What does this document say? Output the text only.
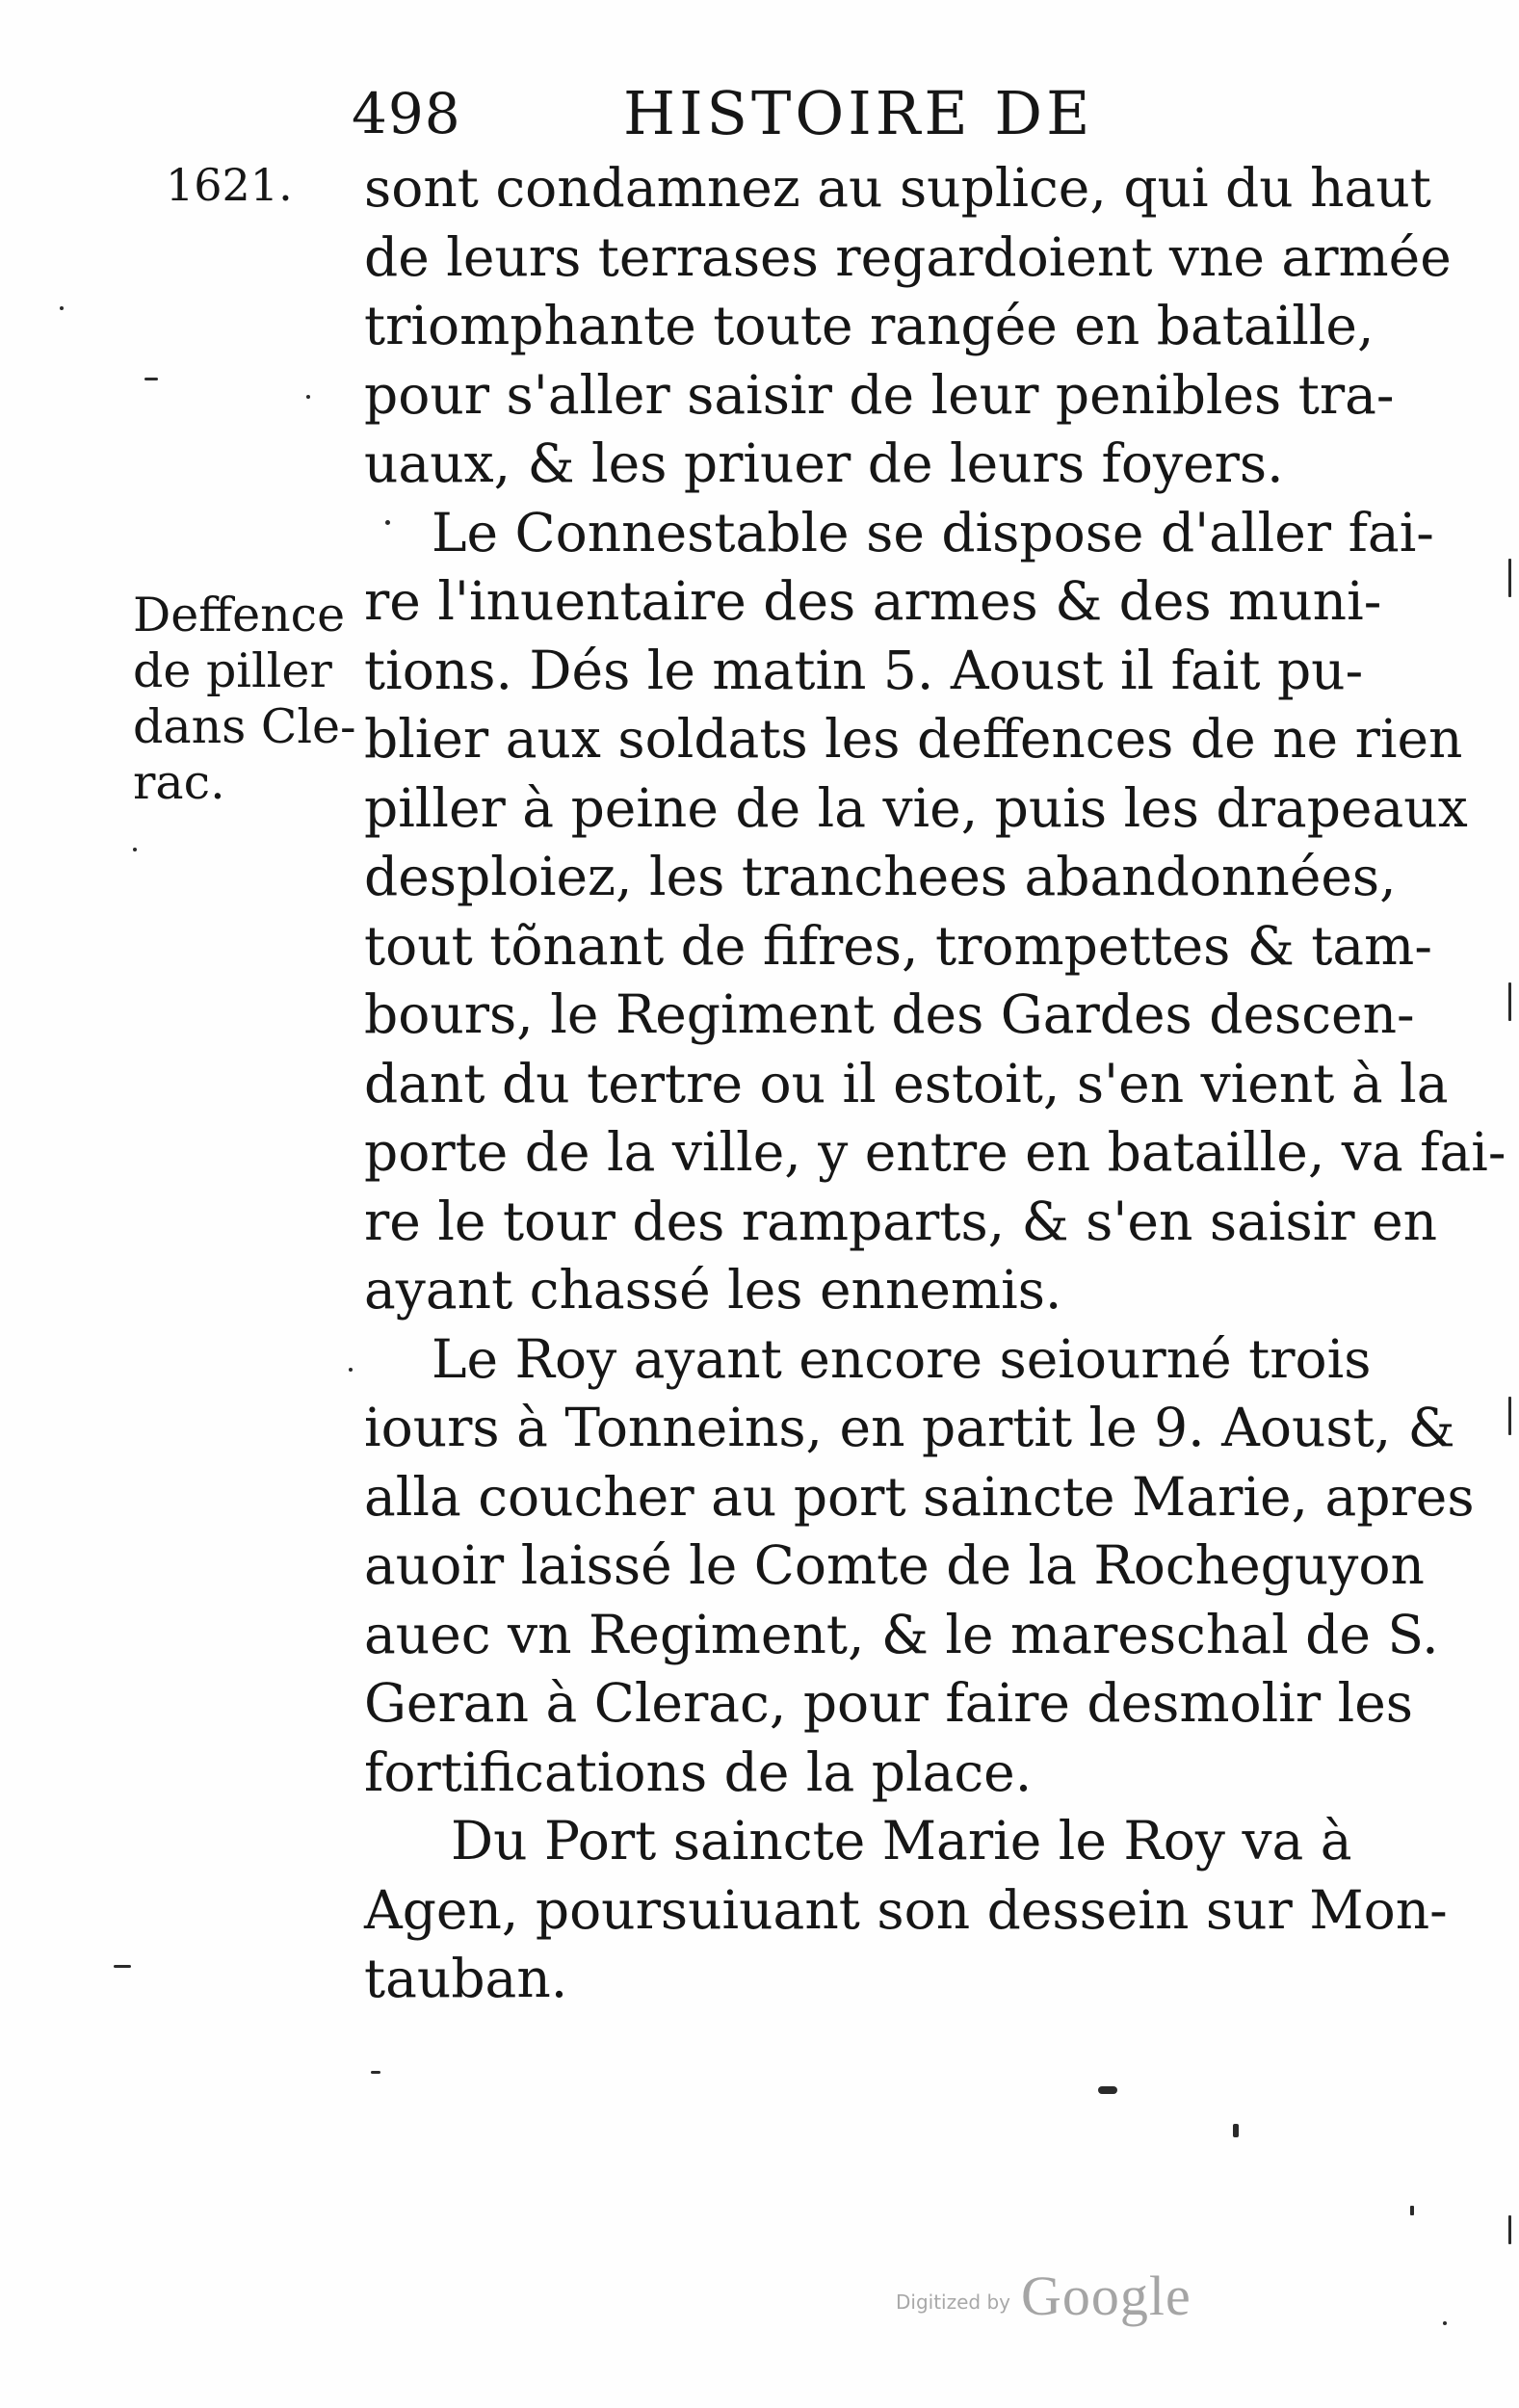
498	HISTOIRE DE
1621.
Deffence
de piller
dans Cle-
rac.
sont condamnez au suplice, qui du haut
de leurs terrases regardoient vne armée
triomphante toute rangée en bataille,
pour s'aller saisir de leur penibles tra-
uaux, & les priuer de leurs foyers.
Le Connestable se dispose d'aller fai-
re l'inuentaire des armes & des muni-
tions. Dés le matin 5. Aoust il fait pu-
blier aux soldats les deffences de ne rien
piller à peine de la vie, puis les drapeaux
desploiez, les tranchees abandonnées,
tout tõnant de fifres, trompettes & tam-
bours, le Regiment des Gardes descen-
dant du tertre ou il estoit, s'en vient à la
porte de la ville, y entre en bataille, va fai-
re le tour des ramparts, & s'en saisir en
ayant chassé les ennemis.
Le Roy ayant encore seiourné trois
iours à Tonneins, en partit le 9. Aoust, &
alla coucher au port saincte Marie, apres
auoir laissé le Comte de la Rocheguyon
auec vn Regiment, & le mareschal de S.
Geran à Clerac, pour faire desmolir les
fortifications de la place.
Du Port saincte Marie le Roy va à
Agen, poursuiuant son dessein sur Mon-
tauban.
Digitized by Google
